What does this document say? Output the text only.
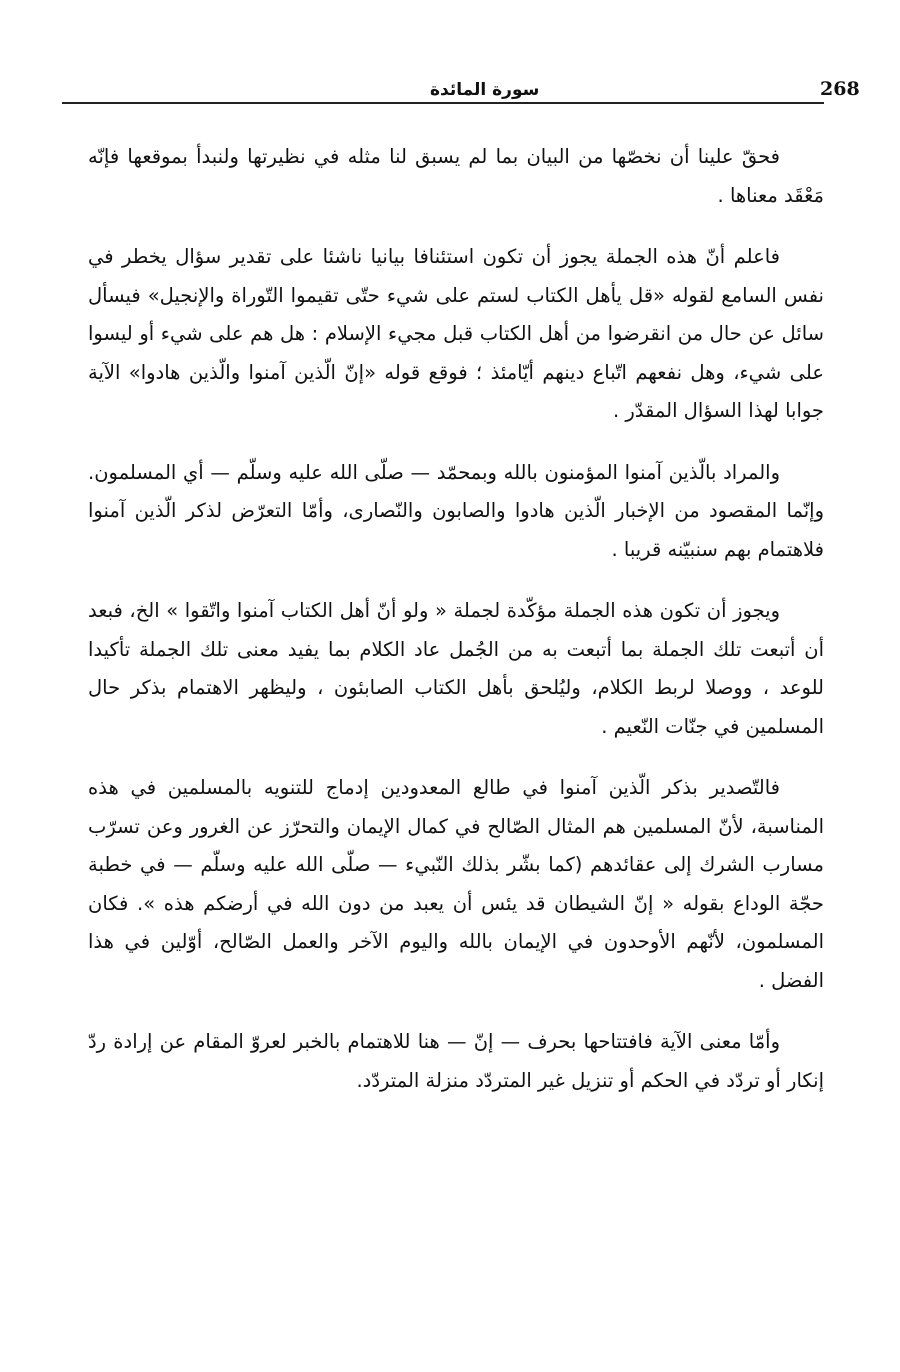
268
سورة المائدة

فحقّ علينا أن نخصّها من البيان بما لم يسبق لنا مثله في نظيرتها ولنبدأ بموقعها فإنّه مَعْقَد معناها .

فاعلم أنّ هذه الجملة يجوز أن تكون استئنافا بيانيا ناشئا على تقدير سؤال يخطر في نفس السامع لقوله «قل يأهل الكتاب لستم على شيء حتّى تقيموا التّوراة والإنجيل» فيسأل سائل عن حال من انقرضوا من أهل الكتاب قبل مجيء الإسلام : هل هم على شيء أو ليسوا على شيء، وهل نفعهم اتّباع دينهم أيّامئذ ؛ فوقع قوله «إنّ الّذين آمنوا والّذين هادوا» الآية جوابا لهذا السؤال المقدّر .

والمراد بالّذين آمنوا المؤمنون بالله وبمحمّد — صلّى الله عليه وسلّم — أي المسلمون. وإنّما المقصود من الإخبار الّذين هادوا والصابون والنّصارى، وأمّا التعرّض لذكر الّذين آمنوا فلاهتمام بهم سنبيّنه قريبا .

ويجوز أن تكون هذه الجملة مؤكّدة لجملة « ولو أنّ أهل الكتاب آمنوا واتّقوا » الخ، فبعد أن أتبعت تلك الجملة بما أتبعت به من الجُمل عاد الكلام بما يفيد معنى تلك الجملة تأكيدا للوعد ، ووصلا لربط الكلام، وليُلحق بأهل الكتاب الصابئون ، وليظهر الاهتمام بذكر حال المسلمين في جنّات النّعيم .

فالتّصدير بذكر الّذين آمنوا في طالع المعدودين إدماج للتنويه بالمسلمين في هذه المناسبة، لأنّ المسلمين هم المثال الصّالح في كمال الإيمان والتحرّز عن الغرور وعن تسرّب مسارب الشرك إلى عقائدهم (كما بشّر بذلك النّبيء — صلّى الله عليه وسلّم — في خطبة حجّة الوداع بقوله « إنّ الشيطان قد يئس أن يعبد من دون الله في أرضكم هذه ». فكان المسلمون، لأنّهم الأوحدون في الإيمان بالله واليوم الآخر والعمل الصّالح، أوّلين في هذا الفضل .

وأمّا معنى الآية فافتتاحها بحرف — إنّ — هنا للاهتمام بالخبر لعروّ المقام عن إرادة ردّ إنكار أو تردّد في الحكم أو تنزيل غير المتردّد منزلة المتردّد.
